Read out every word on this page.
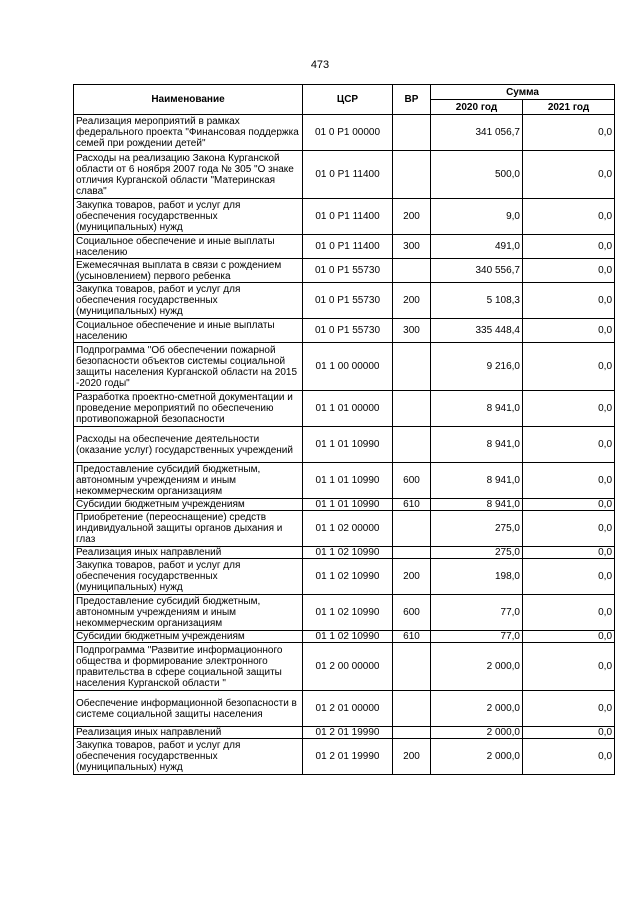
473
Наименование	ЦСР	ВР	Сумма	
			2020 год	2021 год
Реализация мероприятий в рамках федерального проекта "Финансовая поддержка семей при рождении детей"	01 0 P1 00000		341 056,7	0,0
Расходы на реализацию Закона Курганской области от 6 ноября 2007 года № 305 "О знаке отличия Курганской области "Материнская слава"	01 0 P1 11400		500,0	0,0
Закупка товаров, работ и услуг для обеспечения государственных (муниципальных) нужд	01 0 P1 11400	200	9,0	0,0
Социальное обеспечение и иные выплаты населению	01 0 P1 11400	300	491,0	0,0
Ежемесячная выплата в связи с рождением (усыновлением) первого ребенка	01 0 P1 55730		340 556,7	0,0
Закупка товаров, работ и услуг для обеспечения государственных (муниципальных) нужд	01 0 P1 55730	200	5 108,3	0,0
Социальное обеспечение и иные выплаты населению	01 0 P1 55730	300	335 448,4	0,0
Подпрограмма "Об обеспечении пожарной безопасности объектов системы социальной защиты населения Курганской области на 2015 -2020 годы"	01 1 00 00000		9 216,0	0,0
Разработка проектно-сметной документации и проведение мероприятий по обеспечению противопожарной безопасности	01 1 01 00000		8 941,0	0,0
Расходы на обеспечение деятельности (оказание услуг) государственных учреждений	01 1 01 10990		8 941,0	0,0
Предоставление субсидий бюджетным, автономным учреждениям и иным некоммерческим организациям	01 1 01 10990	600	8 941,0	0,0
Субсидии бюджетным учреждениям	01 1 01 10990	610	8 941,0	0,0
Приобретение (переоснащение) средств индивидуальной защиты органов дыхания и глаз	01 1 02 00000		275,0	0,0
Реализация иных направлений	01 1 02 10990		275,0	0,0
Закупка товаров, работ и услуг для обеспечения государственных (муниципальных) нужд	01 1 02 10990	200	198,0	0,0
Предоставление субсидий бюджетным, автономным учреждениям и иным некоммерческим организациям	01 1 02 10990	600	77,0	0,0
Субсидии бюджетным учреждениям	01 1 02 10990	610	77,0	0,0
Подпрограмма "Развитие информационного общества и формирование электронного правительства в сфере социальной защиты населения Курганской области "	01 2 00 00000		2 000,0	0,0
Обеспечение информационной безопасности в системе социальной защиты населения	01 2 01 00000		2 000,0	0,0
Реализация иных направлений	01 2 01 19990		2 000,0	0,0
Закупка товаров, работ и услуг для обеспечения государственных (муниципальных) нужд	01 2 01 19990	200	2 000,0	0,0
